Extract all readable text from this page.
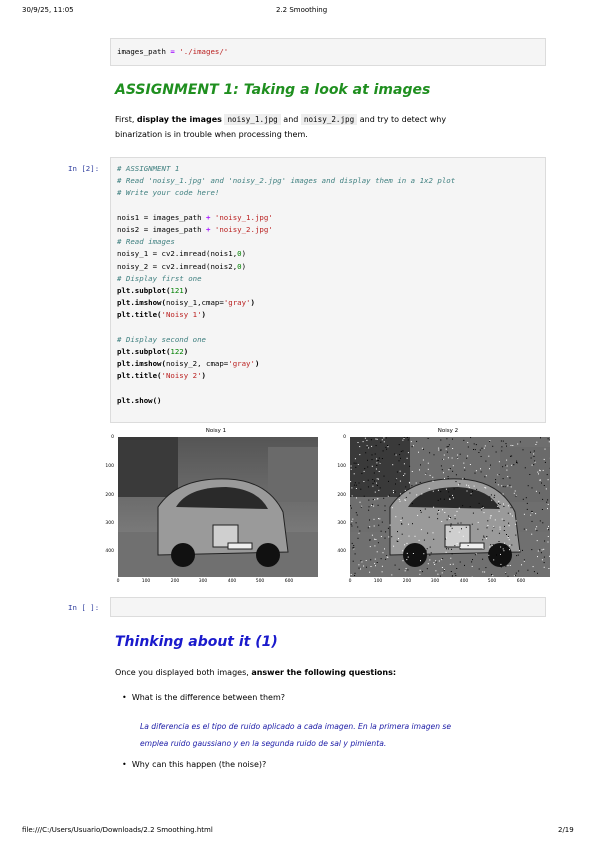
30/9/25, 11:05	2.2 Smoothing
file:///C:/Users/Usuario/Downloads/2.2 Smoothing.html	2/19
images_path = './images/'
ASSIGNMENT 1: Taking a look at images
First, display the images noisy_1.jpg and noisy_2.jpg and try to detect why
binarization is in trouble when processing them.
In [2]: # ASSIGNMENT 1
# Read 'noisy_1.jpg' and 'noisy_2.jpg' images and display them in a 1x2 plot
# Write your code here!

nois1 = images_path + 'noisy_1.jpg'
nois2 = images_path + 'noisy_2.jpg'
# Read images
noisy_1 = cv2.imread(nois1,0)
noisy_2 = cv2.imread(nois2,0)
# Display first one
plt.subplot(121)
plt.imshow(noisy_1,cmap='gray')
plt.title('Noisy 1')

# Display second one
plt.subplot(122)
plt.imshow(noisy_2, cmap='gray')
plt.title('Noisy 2')

plt.show()
Noisy 1
0
100
200
300
400
0	100	200	300	400	500	600
Noisy 2
0
100
200
300
400
0	100	200	300	400	500	600
In [ ]:
Thinking about it (1)
Once you displayed both images, answer the following questions:
• What is the difference between them?
La diferencia es el tipo de ruido aplicado a cada imagen. En la primera imagen se
emplea ruido gaussiano y en la segunda ruido de sal y pimienta.
• Why can this happen (the noise)?
